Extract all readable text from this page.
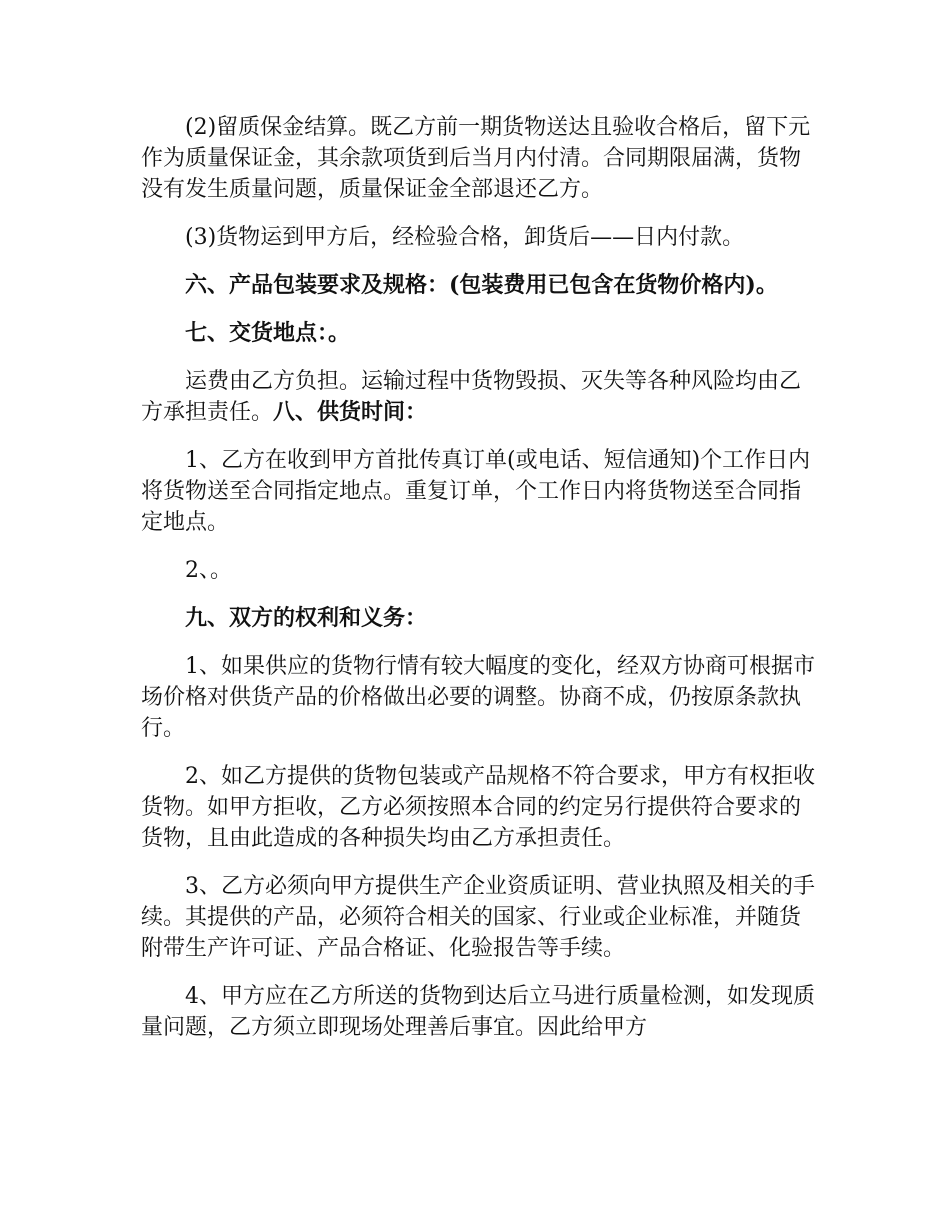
(2)留质保金结算。既乙方前一期货物送达且验收合格后，留下元作为质量保证金，其余款项货到后当月内付清。合同期限届满，货物没有发生质量问题，质量保证金全部退还乙方。

(3)货物运到甲方后，经检验合格，卸货后——日内付款。

六、产品包装要求及规格：(包装费用已包含在货物价格内)。

七、交货地点：。

运费由乙方负担。运输过程中货物毁损、灭失等各种风险均由乙方承担责任。八、供货时间：

1、乙方在收到甲方首批传真订单(或电话、短信通知)个工作日内将货物送至合同指定地点。重复订单，个工作日内将货物送至合同指定地点。

2、。

九、双方的权利和义务：

1、如果供应的货物行情有较大幅度的变化，经双方协商可根据市场价格对供货产品的价格做出必要的调整。协商不成，仍按原条款执行。

2、如乙方提供的货物包装或产品规格不符合要求，甲方有权拒收货物。如甲方拒收，乙方必须按照本合同的约定另行提供符合要求的货物，且由此造成的各种损失均由乙方承担责任。

3、乙方必须向甲方提供生产企业资质证明、营业执照及相关的手续。其提供的产品，必须符合相关的国家、行业或企业标准，并随货附带生产许可证、产品合格证、化验报告等手续。

4、甲方应在乙方所送的货物到达后立马进行质量检测，如发现质量问题，乙方须立即现场处理善后事宜。因此给甲方
